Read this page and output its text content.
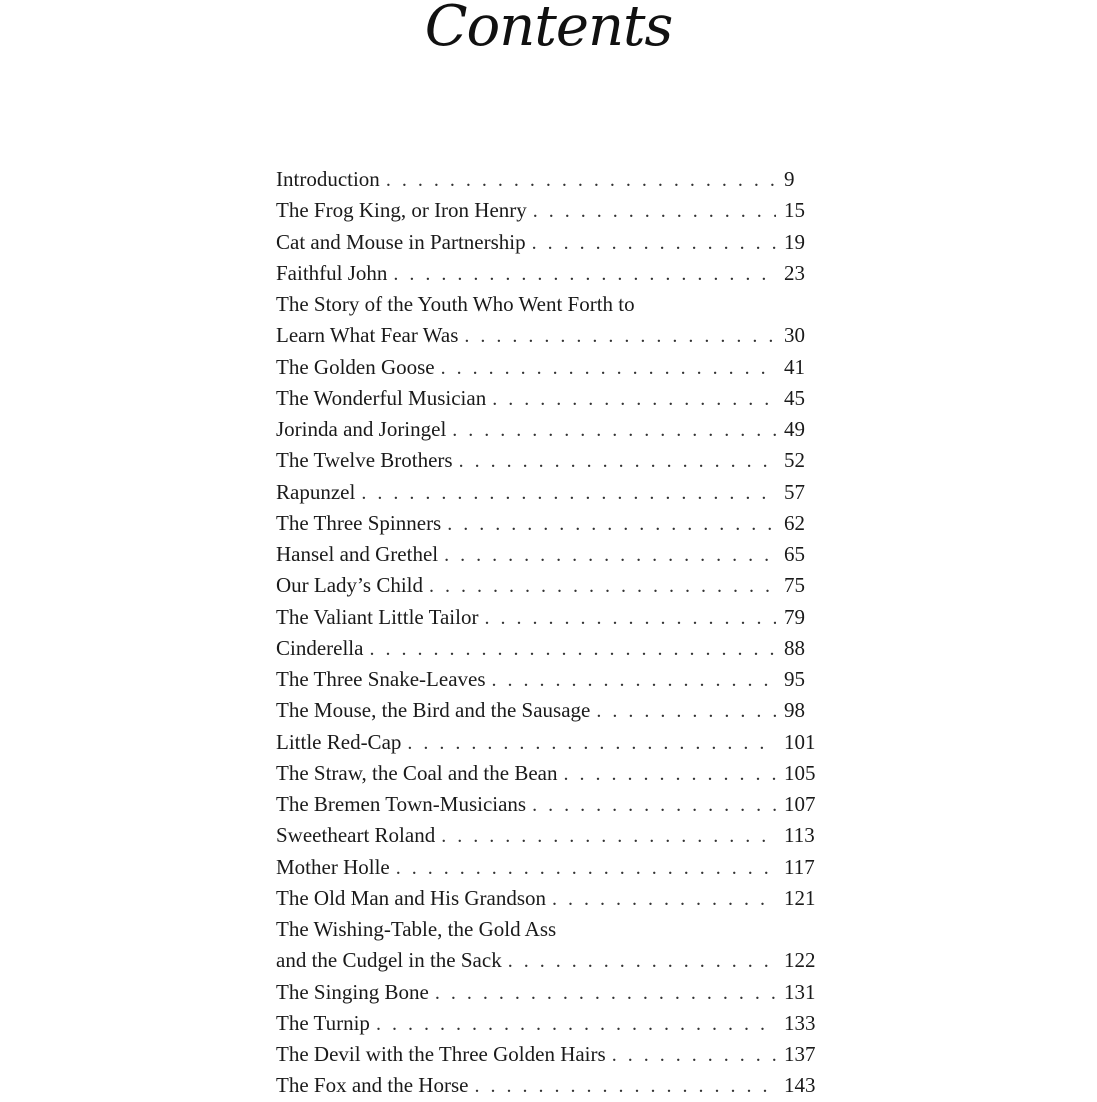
Contents
Introduction . . .	9
The Frog King, or Iron Henry . . .	15
Cat and Mouse in Partnership . . .	19
Faithful John . . .	23
The Story of the Youth Who Went Forth to
Learn What Fear Was . . .	30
The Golden Goose . . .	41
The Wonderful Musician . . .	45
Jorinda and Joringel . . .	49
The Twelve Brothers . . .	52
Rapunzel . . .	57
The Three Spinners . . .	62
Hansel and Grethel . . .	65
Our Lady’s Child . . .	75
The Valiant Little Tailor . . .	79
Cinderella . . .	88
The Three Snake-Leaves . . .	95
The Mouse, the Bird and the Sausage . . .	98
Little Red-Cap . . .	101
The Straw, the Coal and the Bean . . .	105
The Bremen Town-Musicians . . .	107
Sweetheart Roland . . .	113
Mother Holle . . .	117
The Old Man and His Grandson . . .	121
The Wishing-Table, the Gold Ass
and the Cudgel in the Sack . . .	122
The Singing Bone . . .	131
The Turnip . . .	133
The Devil with the Three Golden Hairs . . .	137
The Fox and the Horse . . .	143
